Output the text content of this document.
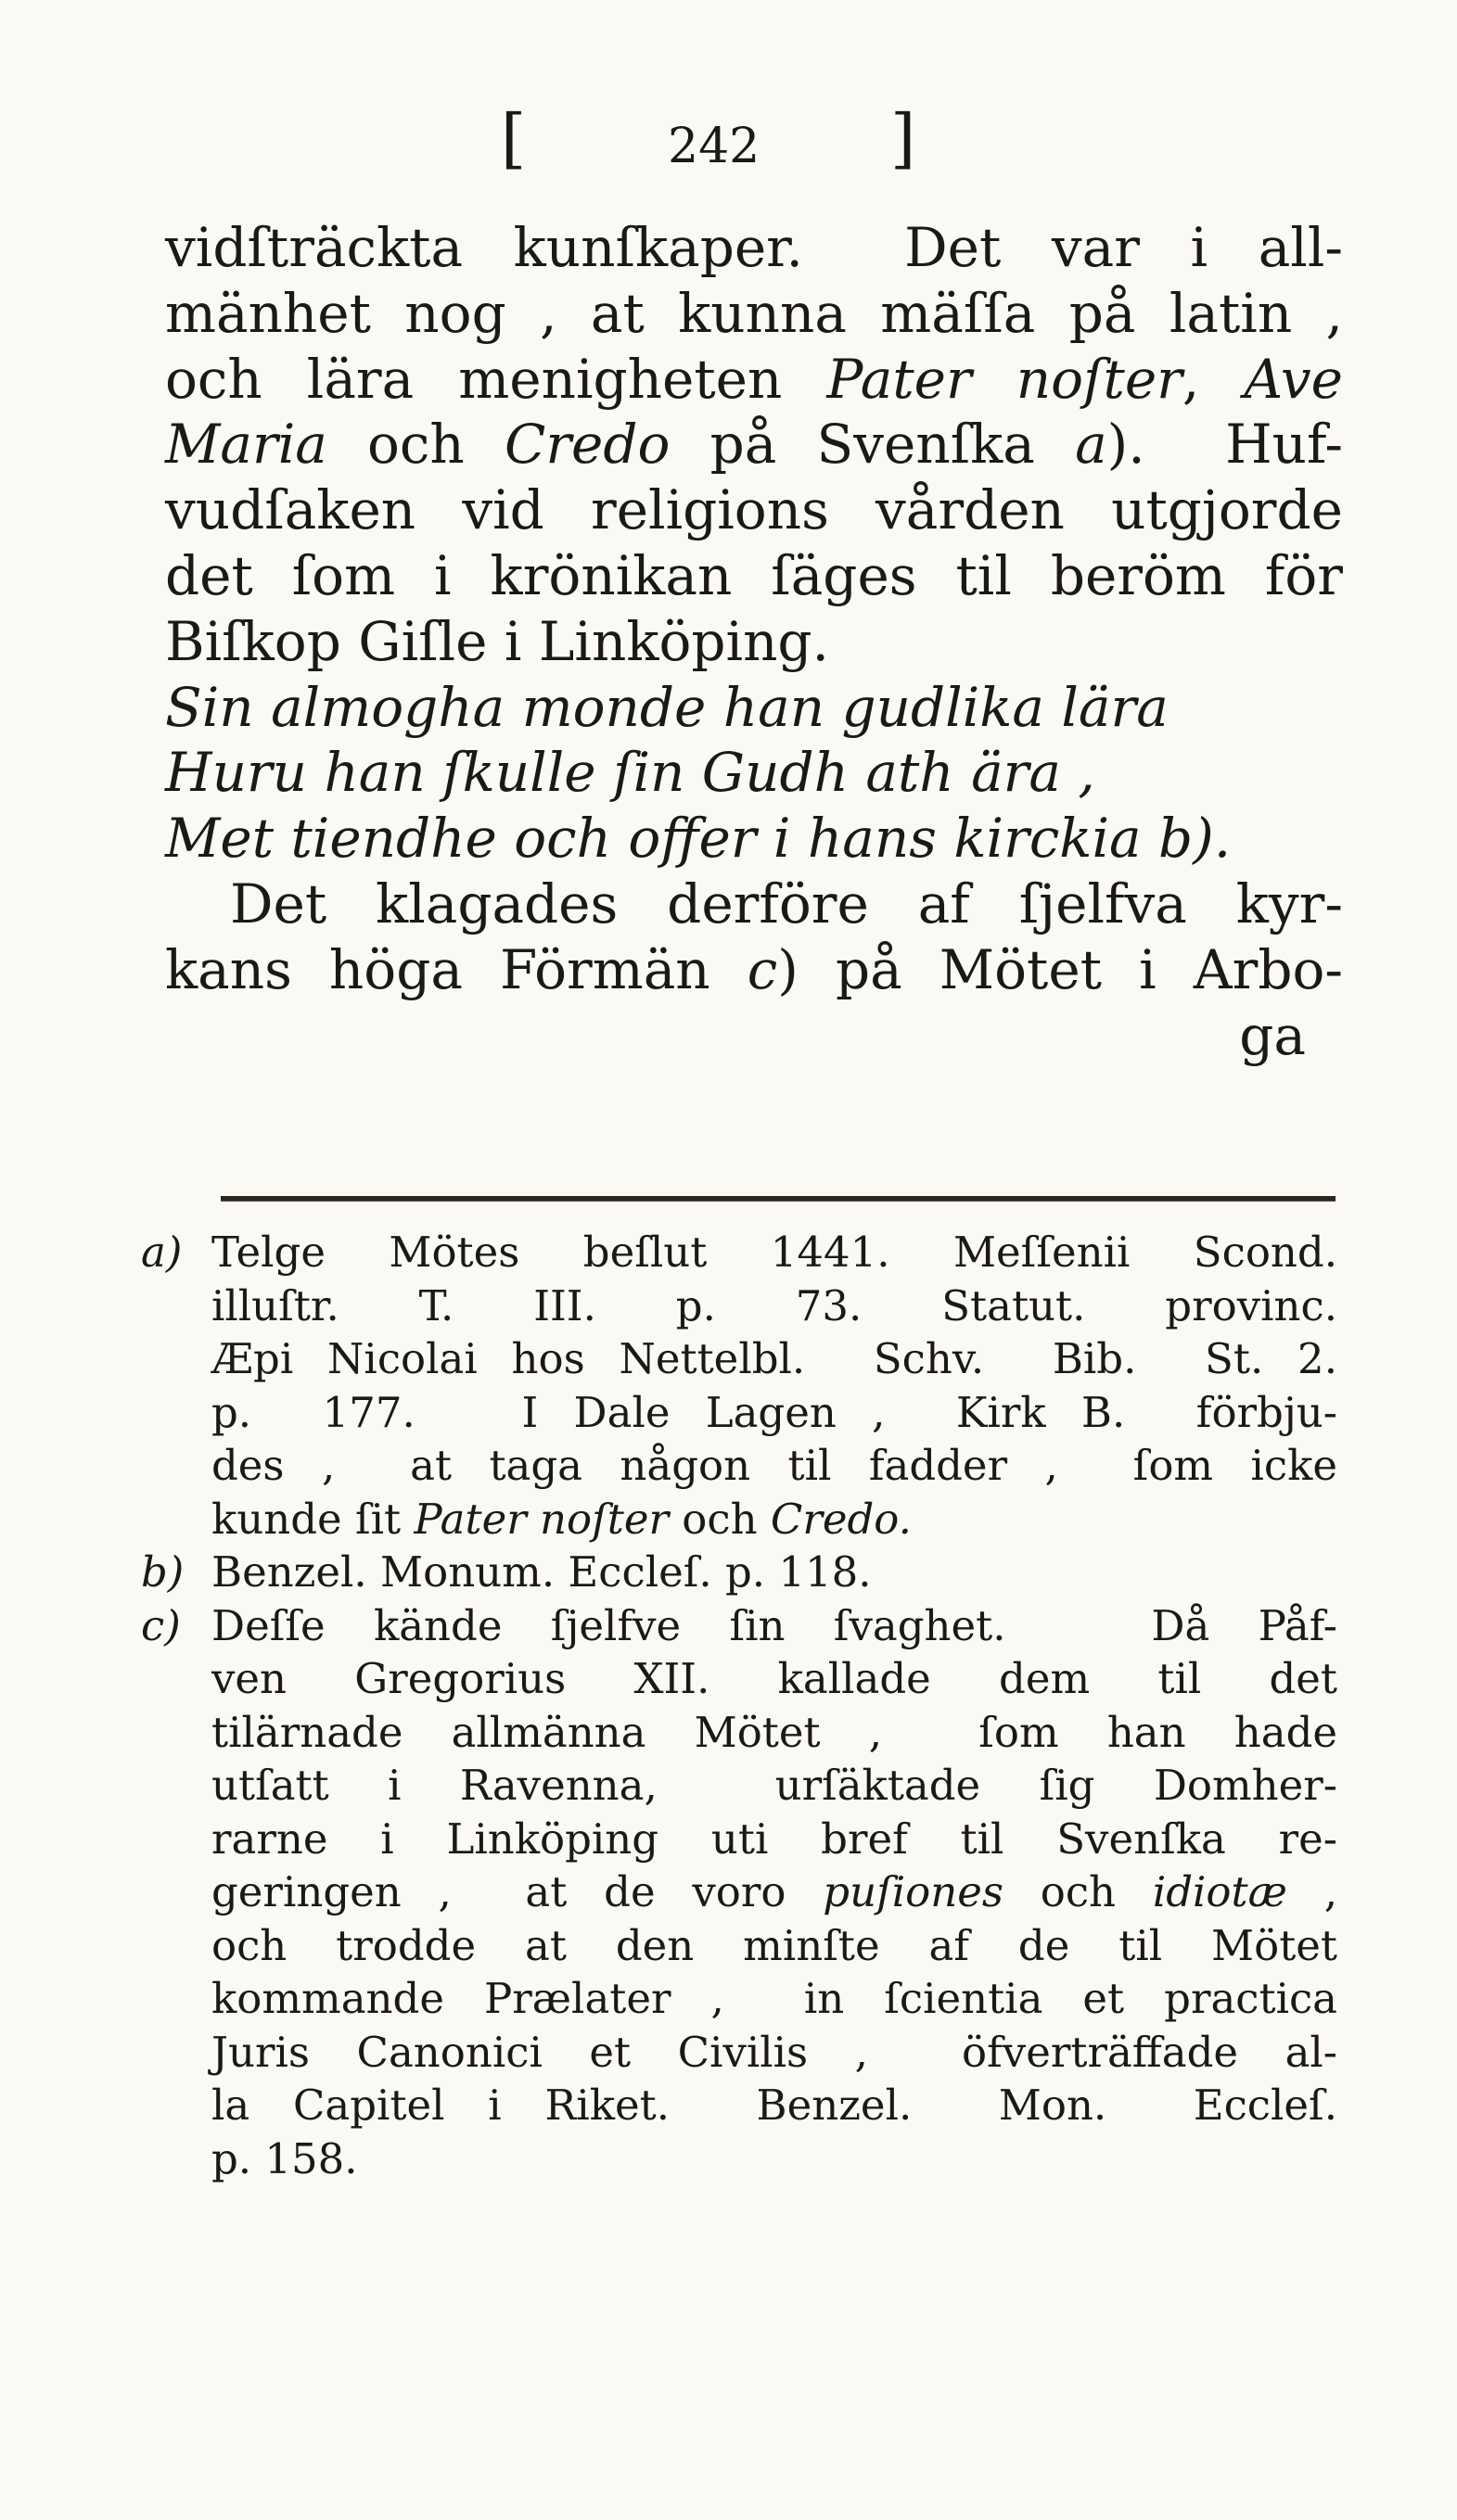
[	242 ]
vidſträckta kunſkaper.  Det var i all-
mänhet nog , at kunna mäſſa på latin ,
och lära menigheten Pater noſter, Ave
Maria och Credo på Svenſka a).  Huf-
vudſaken vid religions vården utgjorde
det ſom i krönikan ſäges til beröm för
Biſkop Giſle i Linköping.
Sin almogha monde han gudlika lära
Huru han ſkulle ſin Gudh ath ära ,
Met tiendhe och offer i hans kirckia b).
Det klagades derföre af ſjelfva kyr-
kans höga Förmän c) på Mötet i Arbo-
ga
a) Telge Mötes beſlut 1441. Meſſenii Scond.
illuſtr.  T.  III.  p.  73.  Statut.  provinc.
Æpi Nicolai hos Nettelbl.  Schv.  Bib.  St. 2.
p.  177.   I Dale Lagen ,  Kirk B.  förbju-
des ,  at taga någon til fadder ,  ſom icke
kunde ſit Pater noſter och Credo.
b) Benzel. Monum. Eccleſ. p. 118.
c) Deſſe kände ſjelfve ſin ſvaghet.   Då Påf-
ven Gregorius XII. kallade dem til det
tilärnade allmänna Mötet ,  ſom han hade
utſatt i Ravenna,  urſäktade ſig Domher-
rarne i Linköping uti bref til Svenſka re-
geringen ,  at de voro puſiones och idiotæ ,
och trodde at den minſte af de til Mötet
kommande Prælater ,  in ſcientia et practica
Juris Canonici et Civilis ,  öfverträffade al-
la Capitel i Riket.  Benzel.  Mon.  Eccleſ.
p. 158.
